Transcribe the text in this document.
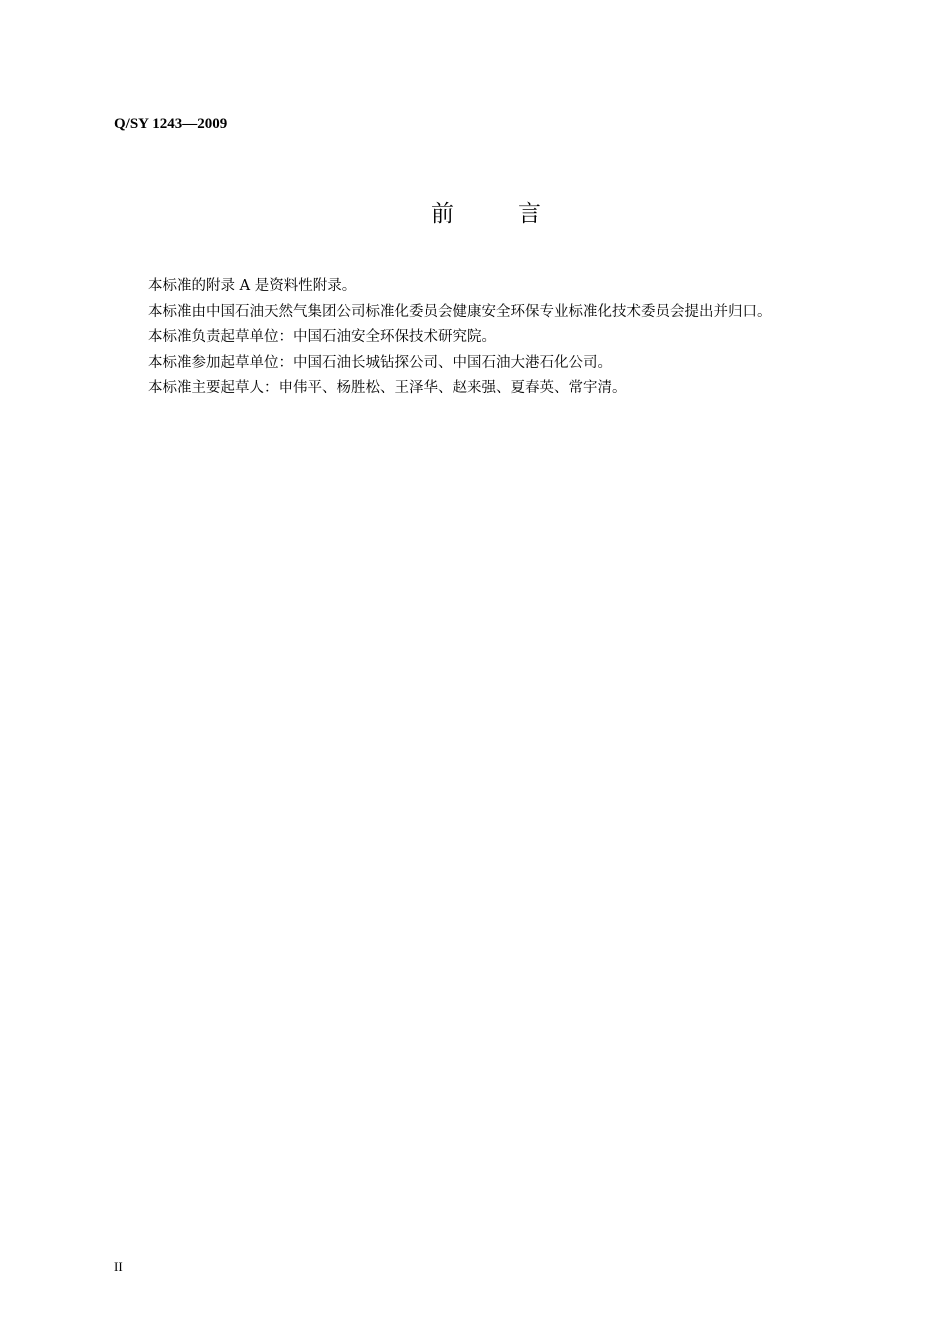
Q/SY 1243—2009
前	言

本标准的附录 A 是资料性附录。

本标准由中国石油天然气集团公司标准化委员会健康安全环保专业标准化技术委员会提出并归口。

本标准负责起草单位：中国石油安全环保技术研究院。

本标准参加起草单位：中国石油长城钻探公司、中国石油大港石化公司。

本标准主要起草人：申伟平、杨胜松、王泽华、赵来强、夏春英、常宇清。

II
